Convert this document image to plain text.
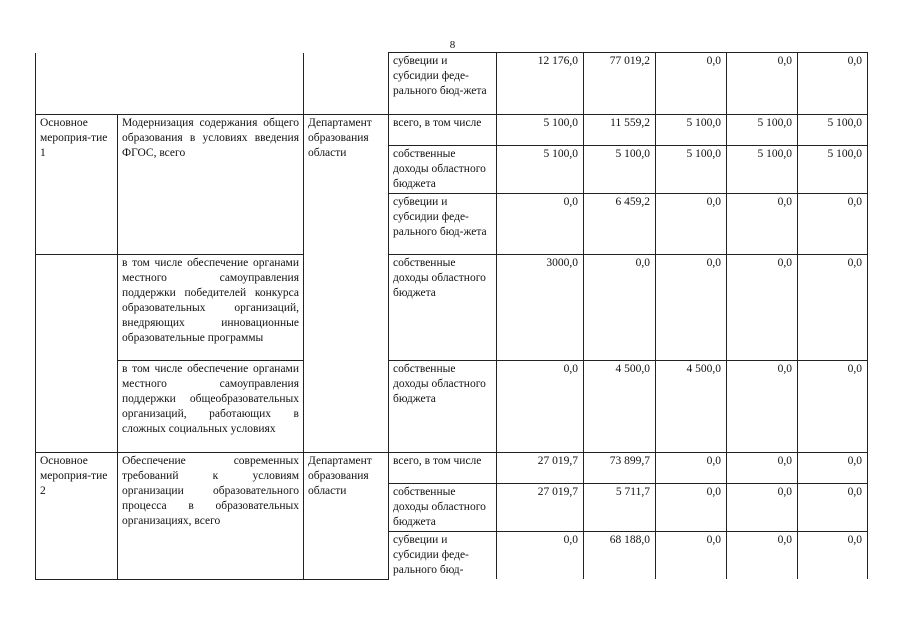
8
			субвеции и субсидии феде-рального бюд-жета	12 176,0	77 019,2	0,0	0,0	0,0
Основное мероприя-тие 1	Модернизация содержания общего образования в условиях введения ФГОС, всего	Департамент образования области	всего, в том числе	5 100,0	11 559,2	5 100,0	5 100,0	5 100,0
			собственные доходы областного бюджета	5 100,0	5 100,0	5 100,0	5 100,0	5 100,0
			субвеции и субсидии феде-рального бюд-жета	0,0	6 459,2	0,0	0,0	0,0
	в том числе обеспечение органами местного самоуправления поддержки победителей конкурса образовательных организаций, внедряющих инновационные образовательные программы		собственные доходы областного бюджета	3000,0	0,0	0,0	0,0	0,0
	в том числе обеспечение органами местного самоуправления поддержки общеобразовательных организаций, работающих в сложных социальных условиях		собственные доходы областного бюджета	0,0	4 500,0	4 500,0	0,0	0,0
Основное мероприя-тие 2	Обеспечение современных требований к условиям организации образовательного процесса в образовательных организациях, всего	Департамент образования области	всего, в том числе	27 019,7	73 899,7	0,0	0,0	0,0
			собственные доходы областного бюджета	27 019,7	5 711,7	0,0	0,0	0,0
			субвеции и субсидии феде-рального бюд-	0,0	68 188,0	0,0	0,0	0,0
